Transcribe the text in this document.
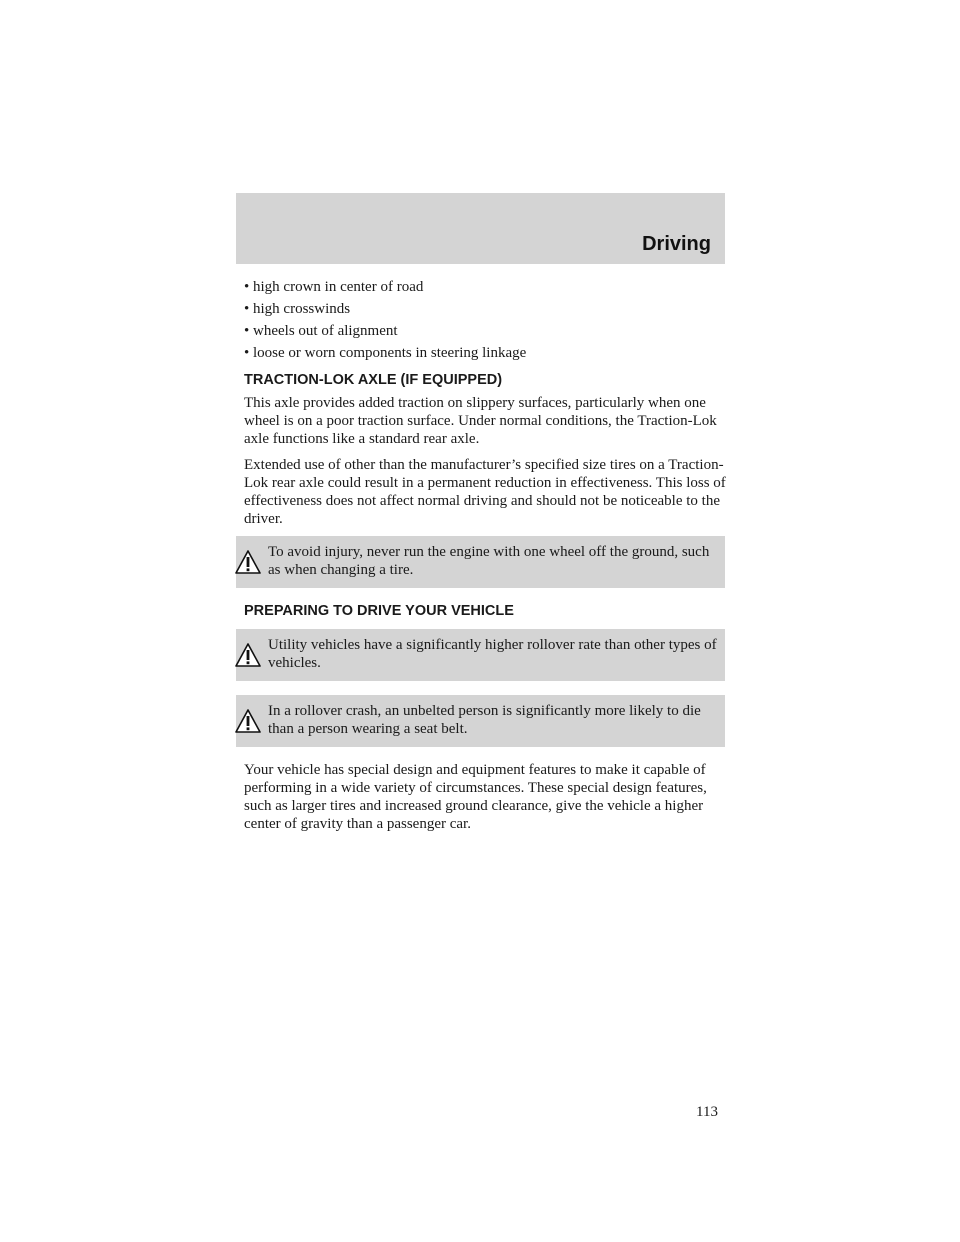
Driving
• high crown in center of road
• high crosswinds
• wheels out of alignment
• loose or worn components in steering linkage
TRACTION-LOK AXLE (IF EQUIPPED)

This axle provides added traction on slippery surfaces, particularly when one wheel is on a poor traction surface. Under normal conditions, the Traction-Lok axle functions like a standard rear axle.

Extended use of other than the manufacturer’s specified size tires on a Traction-Lok rear axle could result in a permanent reduction in effectiveness. This loss of effectiveness does not affect normal driving and should not be noticeable to the driver.

To avoid injury, never run the engine with one wheel off the ground, such as when changing a tire.
PREPARING TO DRIVE YOUR VEHICLE
Utility vehicles have a significantly higher rollover rate than other types of vehicles.
In a rollover crash, an unbelted person is significantly more likely to die than a person wearing a seat belt.

Your vehicle has special design and equipment features to make it capable of performing in a wide variety of circumstances. These special design features, such as larger tires and increased ground clearance, give the vehicle a higher center of gravity than a passenger car.

113
